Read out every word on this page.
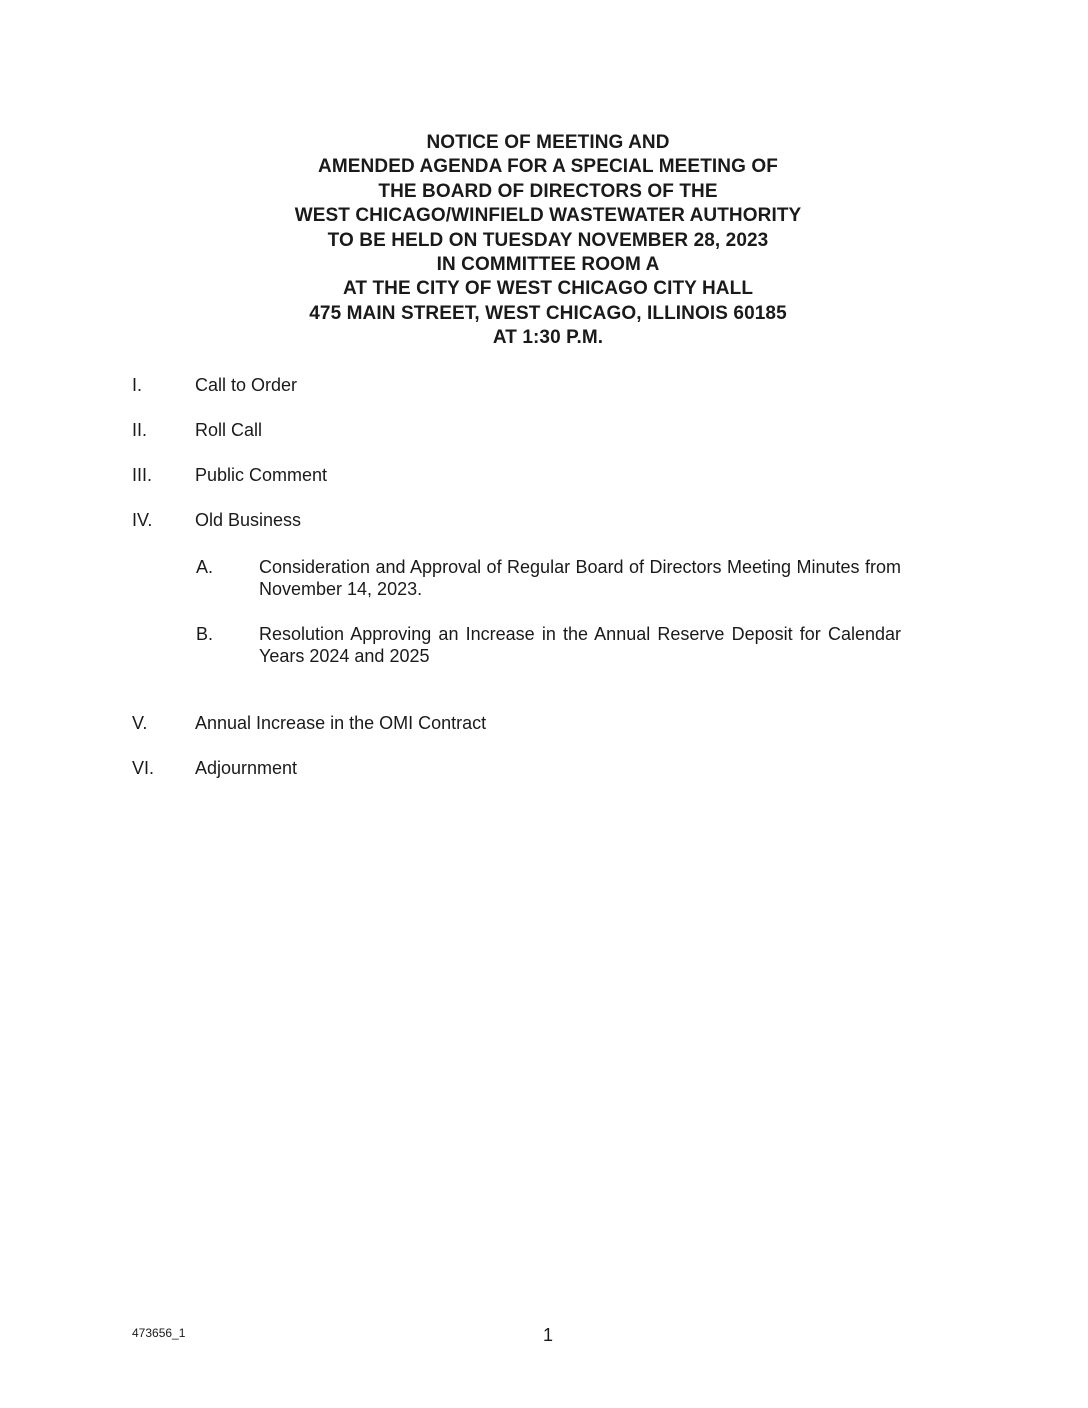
NOTICE OF MEETING AND
AMENDED AGENDA FOR A SPECIAL MEETING OF
THE BOARD OF DIRECTORS OF THE
WEST CHICAGO/WINFIELD WASTEWATER AUTHORITY
TO BE HELD ON TUESDAY NOVEMBER 28, 2023
IN COMMITTEE ROOM A
AT THE CITY OF WEST CHICAGO CITY HALL
475 MAIN STREET, WEST CHICAGO, ILLINOIS 60185
AT 1:30 P.M.
I.	Call to Order
II.	Roll Call
III. Public Comment
IV. Old Business
A.	Consideration and Approval of Regular Board of Directors Meeting Minutes from November 14, 2023.
B.	Resolution Approving an Increase in the Annual Reserve Deposit for Calendar Years 2024 and 2025
V.	Annual Increase in the OMI Contract
VI. Adjournment
473656_1	1
